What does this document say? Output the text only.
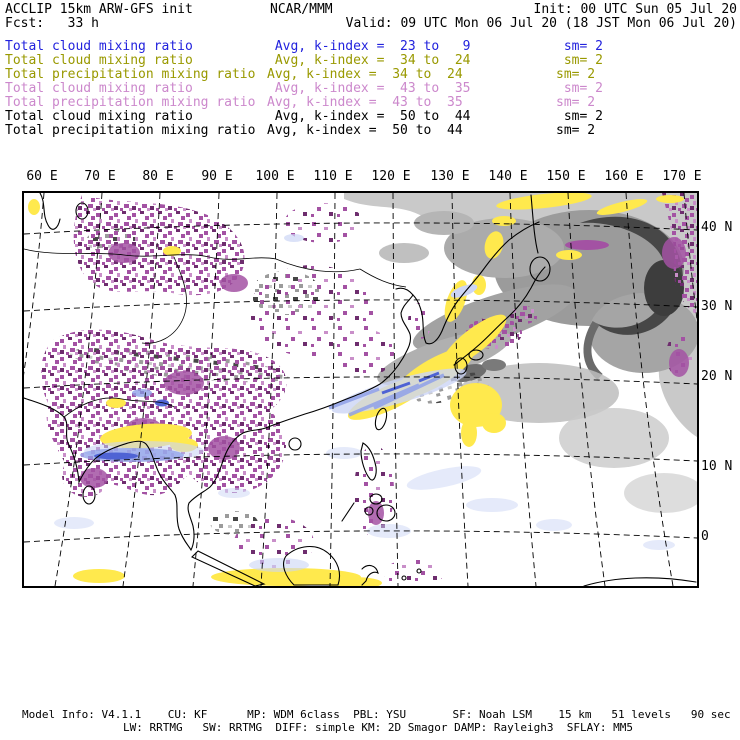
ACCLIP 15km ARW-GFS init	NCAR/MMM	Init: 00 UTC Sun 05 Jul 20
Fcst:   33 h	Valid: 09 UTC Mon 06 Jul 20 (18 JST Mon 06 Jul 20)
Total cloud mixing ratio	Avg, k-index =  23 to   9	sm= 2
Total cloud mixing ratio	Avg, k-index =  34 to  24	sm= 2
Total precipitation mixing ratio Avg, k-index =  34 to  24	sm= 2
Total cloud mixing ratio	Avg, k-index =  43 to  35	sm= 2
Total precipitation mixing ratio Avg, k-index =  43 to  35	sm= 2
Total cloud mixing ratio	Avg, k-index =  50 to  44	sm= 2
Total precipitation mixing ratio Avg, k-index =  50 to  44	sm= 2
60 E 70 E 80 E 90 E 100 E 110 E 120 E 130 E 140 E 150 E 160 E 170 E
40 N
30 N
20 N
10 N
0
Model Info: V4.1.1    CU: KF      MP: WDM 6class  PBL: YSU       SF: Noah LSM    15 km   51 levels   90 sec
LW: RRTMG   SW: RRTMG  DIFF: simple KM: 2D Smagor DAMP: Rayleigh3  SFLAY: MM5
